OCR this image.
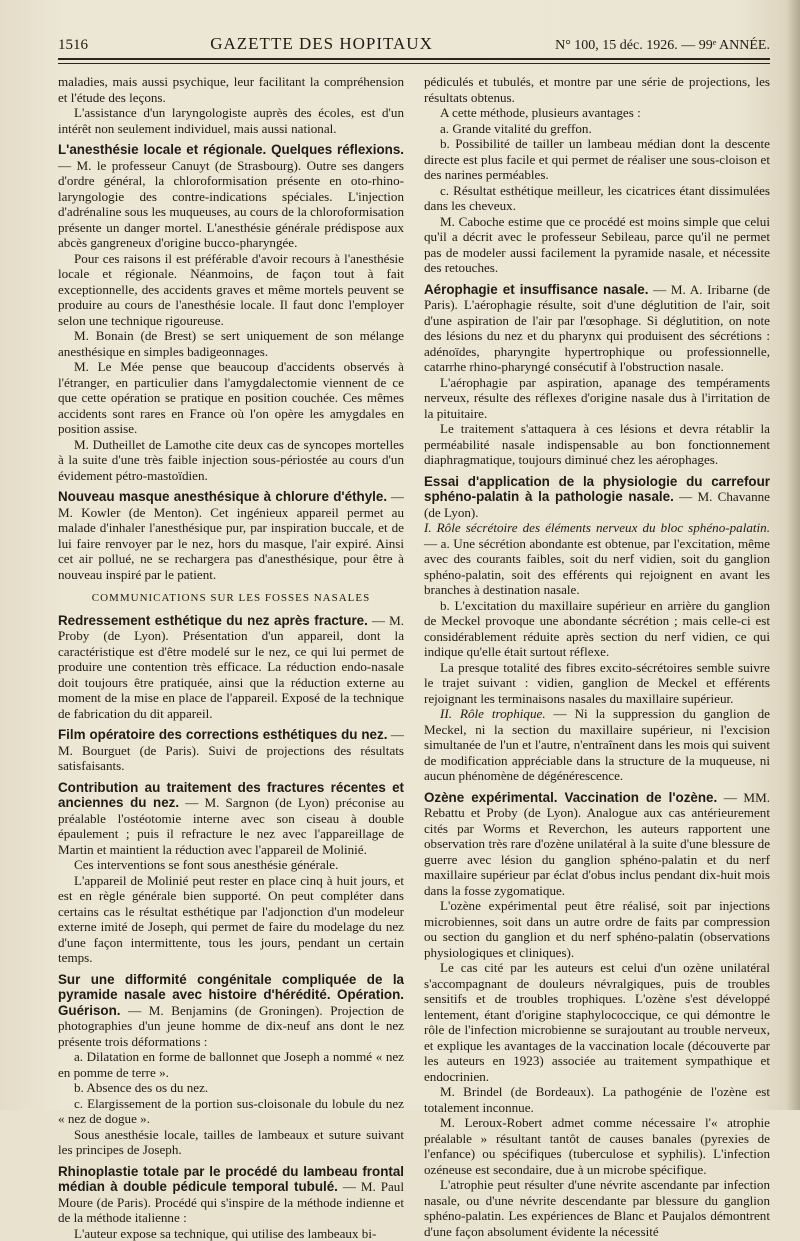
1516	GAZETTE DES HOPITAUX	N° 100, 15 déc. 1926. — 99ᵉ ANNÉE.

maladies, mais aussi psychique, leur facilitant la compréhension et l'étude des leçons.

L'assistance d'un laryngologiste auprès des écoles, est d'un intérêt non seulement individuel, mais aussi national.

L'anesthésie locale et régionale. Quelques réflexions. — M. le professeur Canuyt (de Strasbourg). Outre ses dangers d'ordre général, la chloroformisation présente en oto-rhino-laryngologie des contre-indications spéciales. L'injection d'adrénaline sous les muqueuses, au cours de la chloroformisation présente un danger mortel. L'anesthésie générale prédispose aux abcès gangreneux d'origine bucco-pharyngée.

Pour ces raisons il est préférable d'avoir recours à l'anesthésie locale et régionale. Néanmoins, de façon tout à fait exceptionnelle, des accidents graves et même mortels peuvent se produire au cours de l'anesthésie locale. Il faut donc l'employer selon une technique rigoureuse.

M. Bonain (de Brest) se sert uniquement de son mélange anesthésique en simples badigeonnages.

M. Le Mée pense que beaucoup d'accidents observés à l'étranger, en particulier dans l'amygdalectomie viennent de ce que cette opération se pratique en position couchée. Ces mêmes accidents sont rares en France où l'on opère les amygdales en position assise.

M. Dutheillet de Lamothe cite deux cas de syncopes mortelles à la suite d'une très faible injection sous-périostée au cours d'un évidement pétro-mastoïdien.

Nouveau masque anesthésique à chlorure d'éthyle. — M. Kowler (de Menton). Cet ingénieux appareil permet au malade d'inhaler l'anesthésique pur, par inspiration buccale, et de lui faire renvoyer par le nez, hors du masque, l'air expiré. Ainsi cet air pollué, ne se rechargera pas d'anesthésique, pour être à nouveau inspiré par le patient.

COMMUNICATIONS SUR LES FOSSES NASALES

Redressement esthétique du nez après fracture. — M. Proby (de Lyon). Présentation d'un appareil, dont la caractéristique est d'être modelé sur le nez, ce qui lui permet de produire une contention très efficace. La réduction endo-nasale doit toujours être pratiquée, ainsi que la réduction externe au moment de la mise en place de l'appareil. Exposé de la technique de fabrication du dit appareil.

Film opératoire des corrections esthétiques du nez. — M. Bourguet (de Paris). Suivi de projections des résultats satisfaisants.

Contribution au traitement des fractures récentes et anciennes du nez. — M. Sargnon (de Lyon) préconise au préalable l'ostéotomie interne avec son ciseau à double épaulement ; puis il refracture le nez avec l'appareillage de Martin et maintient la réduction avec l'appareil de Molinié.

Ces interventions se font sous anesthésie générale.

L'appareil de Molinié peut rester en place cinq à huit jours, et est en règle générale bien supporté. On peut compléter dans certains cas le résultat esthétique par l'adjonction d'un modeleur externe imité de Joseph, qui permet de faire du modelage du nez d'une façon intermittente, tous les jours, pendant un certain temps.

Sur une difformité congénitale compliquée de la pyramide nasale avec histoire d'hérédité. Opération. Guérison. — M. Benjamins (de Groningen). Projection de photographies d'un jeune homme de dix-neuf ans dont le nez présente trois déformations :

a. Dilatation en forme de ballonnet que Joseph a nommé « nez en pomme de terre ».

b. Absence des os du nez.

c. Elargissement de la portion sus-cloisonale du lobule du nez « nez de dogue ».

Sous anesthésie locale, tailles de lambeaux et suture suivant les principes de Joseph.

Rhinoplastie totale par le procédé du lambeau frontal médian à double pédicule temporal tubulé. — M. Paul Moure (de Paris). Procédé qui s'inspire de la méthode indienne et de la méthode italienne :

L'auteur expose sa technique, qui utilise des lambeaux bi-

pédiculés et tubulés, et montre par une série de projections, les résultats obtenus.

A cette méthode, plusieurs avantages :

a. Grande vitalité du greffon.

b. Possibilité de tailler un lambeau médian dont la descente directe est plus facile et qui permet de réaliser une sous-cloison et des narines perméables.

c. Résultat esthétique meilleur, les cicatrices étant dissimulées dans les cheveux.

M. Caboche estime que ce procédé est moins simple que celui qu'il a décrit avec le professeur Sebileau, parce qu'il ne permet pas de modeler aussi facilement la pyramide nasale, et nécessite des retouches.

Aérophagie et insuffisance nasale. — M. A. Iribarne (de Paris). L'aérophagie résulte, soit d'une déglutition de l'air, soit d'une aspiration de l'air par l'œsophage. Si déglutition, on note des lésions du nez et du pharynx qui produisent des sécrétions : adénoïdes, pharyngite hypertrophique ou professionnelle, catarrhe rhino-pharyngé consécutif à l'obstruction nasale.

L'aérophagie par aspiration, apanage des tempéraments nerveux, résulte des réflexes d'origine nasale dus à l'irritation de la pituitaire.

Le traitement s'attaquera à ces lésions et devra rétablir la perméabilité nasale indispensable au bon fonctionnement diaphragmatique, toujours diminué chez les aérophages.

Essai d'application de la physiologie du carrefour sphéno-palatin à la pathologie nasale. — M. Chavanne (de Lyon).

I. Rôle sécrétoire des éléments nerveux du bloc sphéno-palatin. — a. Une sécrétion abondante est obtenue, par l'excitation, même avec des courants faibles, soit du nerf vidien, soit du ganglion sphéno-palatin, soit des efférents qui rejoignent en avant les branches à destination nasale.

b. L'excitation du maxillaire supérieur en arrière du ganglion de Meckel provoque une abondante sécrétion ; mais celle-ci est considérablement réduite après section du nerf vidien, ce qui indique qu'elle était surtout réflexe.

La presque totalité des fibres excito-sécrétoires semble suivre le trajet suivant : vidien, ganglion de Meckel et efférents rejoignant les terminaisons nasales du maxillaire supérieur.

II. Rôle trophique. — Ni la suppression du ganglion de Meckel, ni la section du maxillaire supérieur, ni l'excision simultanée de l'un et l'autre, n'entraînent dans les mois qui suivent de modification appréciable dans la structure de la muqueuse, ni aucun phénomène de dégénérescence.

Ozène expérimental. Vaccination de l'ozène. — MM. Rebattu et Proby (de Lyon). Analogue aux cas antérieurement cités par Worms et Reverchon, les auteurs rapportent une observation très rare d'ozène unilatéral à la suite d'une blessure de guerre avec lésion du ganglion sphéno-palatin et du nerf maxillaire supérieur par éclat d'obus inclus pendant dix-huit mois dans la fosse zygomatique.

L'ozène expérimental peut être réalisé, soit par injections microbiennes, soit dans un autre ordre de faits par compression ou section du ganglion et du nerf sphéno-palatin (observations physiologiques et cliniques).

Le cas cité par les auteurs est celui d'un ozène unilatéral s'accompagnant de douleurs névralgiques, puis de troubles sensitifs et de troubles trophiques. L'ozène s'est développé lentement, étant d'origine staphylococcique, ce qui démontre le rôle de l'infection microbienne se surajoutant au trouble nerveux, et explique les avantages de la vaccination locale (découverte par les auteurs en 1923) associée au traitement sympathique et endocrinien.

M. Brindel (de Bordeaux). La pathogénie de l'ozène est totalement inconnue.

M. Leroux-Robert admet comme nécessaire l'« atrophie préalable » résultant tantôt de causes banales (pyrexies de l'enfance) ou spécifiques (tuberculose et syphilis). L'infection ozéneuse est secondaire, due à un microbe spécifique.

L'atrophie peut résulter d'une névrite ascendante par infection nasale, ou d'une névrite descendante par blessure du ganglion sphéno-palatin. Les expériences de Blanc et Paujalos démontrent d'une façon absolument évidente la nécessité
